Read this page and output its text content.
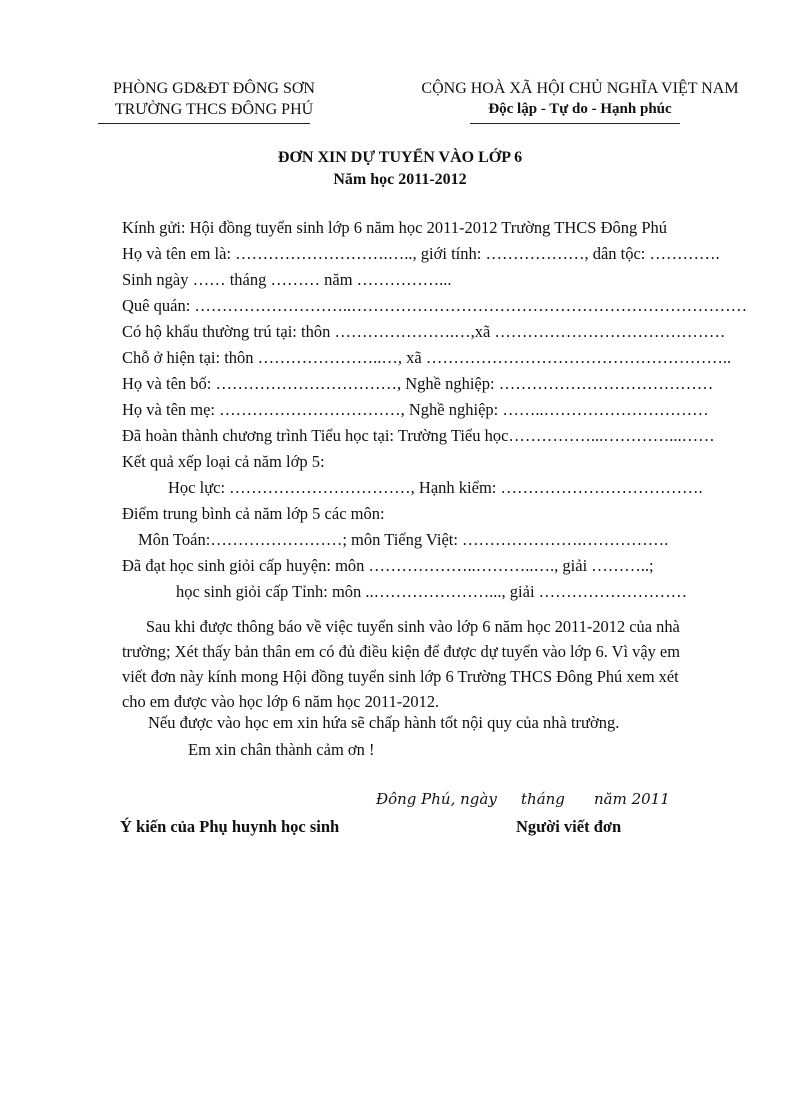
PHÒNG GD&ĐT ĐÔNG SƠN
TRƯỜNG THCS ĐÔNG PHÚ
CỘNG HOÀ XÃ HỘI CHỦ NGHĨA VIỆT NAM
Độc lập - Tự do - Hạnh phúc
ĐƠN XIN DỰ TUYỂN VÀO LỚP 6
Năm học 2011-2012
Kính gửi: Hội đồng tuyển sinh lớp 6 năm học 2011-2012 Trường THCS Đông Phú
Họ và tên em là: ……………………….….., giới tính: ………………, dân tộc: ………….
Sinh ngày …… tháng ……… năm ……………...
Quê quán: ………………………..………………………………………………………………
Có hộ khẩu thường trú tại: thôn ………………….…,xã ……………………………………
Chỗ ở hiện tại: thôn …………………..…, xã ………………………………………………..
Họ và tên bố: ……………………………, Nghề nghiệp: …………………………………
Họ và tên mẹ: ……………………………, Nghề nghiệp: ……..…………………………
Đã hoàn thành chương trình Tiểu học tại: Trường Tiểu học……………...…………...……
Kết quả xếp loại cả năm lớp 5:
Học lực: ……………………………, Hạnh kiểm: ……………………………….
Điểm trung bình cả năm lớp 5 các môn:
Môn Toán:……………………; môn Tiếng Việt: ………………….…………….
Đã đạt học sinh giỏi cấp huyện: môn ………………..………..…., giải ………..;
học sinh giỏi cấp Tỉnh: môn ..…………………..., giải ………………………
Sau khi được thông báo về việc tuyển sinh vào lớp 6 năm học 2011-2012 của nhà
trường; Xét thấy bản thân em có đủ điều kiện để được dự tuyển vào lớp 6. Vì vậy em
viết đơn này kính mong Hội đồng tuyển sinh lớp 6 Trường THCS Đông Phú xem xét
cho em được vào học lớp 6 năm học 2011-2012.
Nếu được vào học em xin hứa sẽ chấp hành tốt nội quy của nhà trường.
Em xin chân thành cảm ơn !
Đông Phú, ngày tháng năm 2011
Ý kiến của Phụ huynh học sinh	Người viết đơn
